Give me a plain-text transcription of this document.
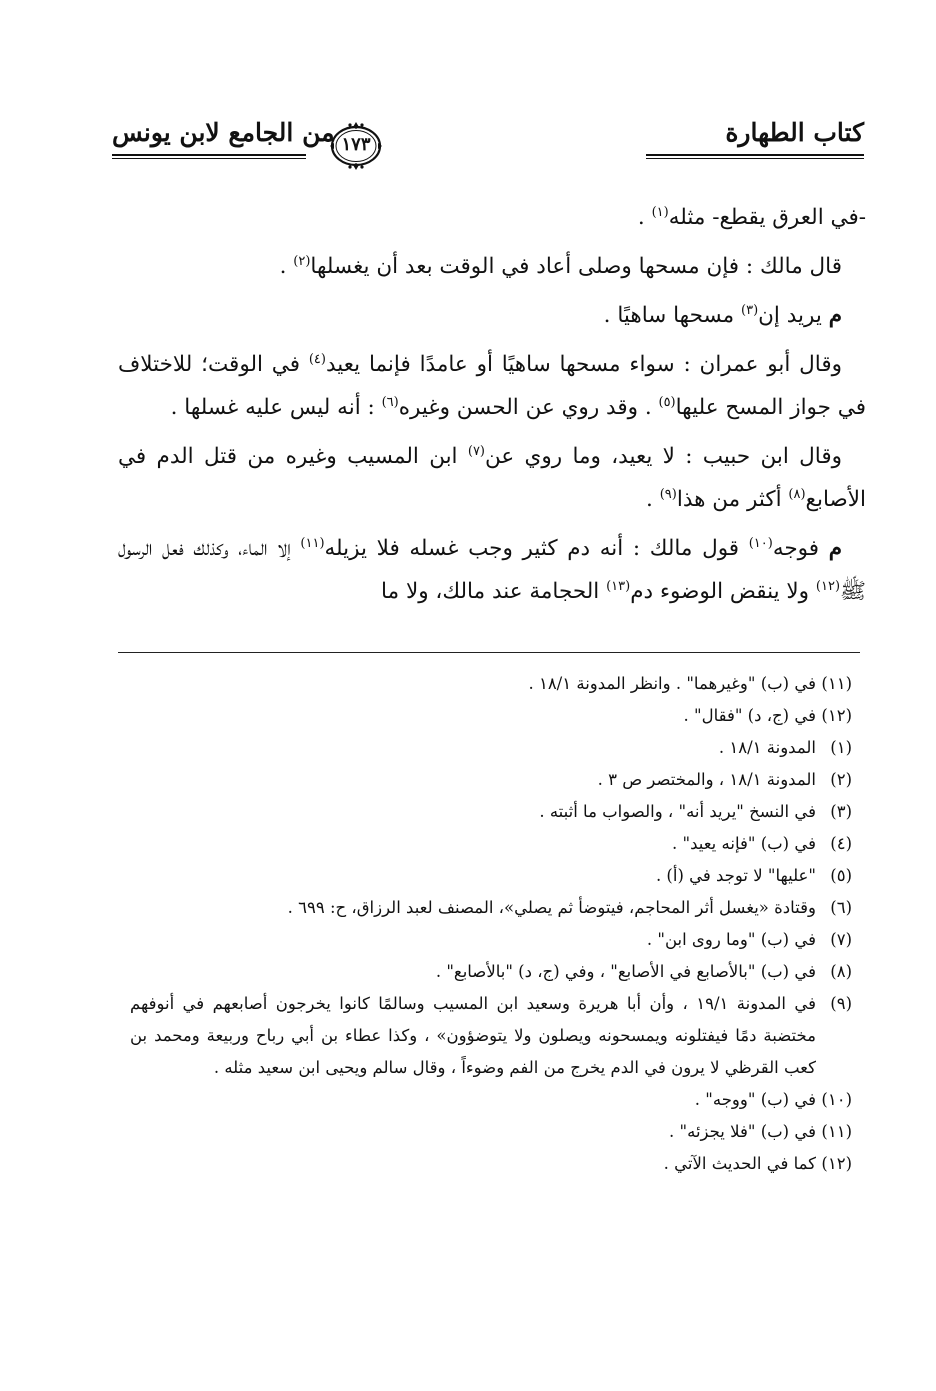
كتاب الطهارة
١٧٣
من الجامع لابن يونس

-في العرق يقطع- مثله$^{(١)}$ .

قال مالك : فإن مسحها وصلى أعاد في الوقت بعد أن يغسلها$^{(٢)}$ .

م يريد إن$^{(٣)}$ مسحها ساهيًا .

وقال أبو عمران : سواء مسحها ساهيًا أو عامدًا فإنما يعيد$^{(٤)}$ في الوقت؛ للاختلاف في جواز المسح عليها$^{(٥)}$ . وقد روي عن الحسن وغيره$^{(٦)}$ : أنه ليس عليه غسلها .

وقال ابن حبيب : لا يعيد، وما روي عن$^{(٧)}$ ابن المسيب وغيره من قتل الدم في الأصابع$^{(٨)}$ أكثر من هذا$^{(٩)}$ .

م فوجه$^{(١٠)}$ قول مالك : أنه دم كثير وجب غسله فلا يزيله$^{(١١)}$ إلا الماء، وكذلك فعل الرسول ﷺ$^{(١٢)}$ ولا ينقض الوضوء دم$^{(١٣)}$ الحجامة عند مالك، ولا ما

(١١)
في (ب) "وغيرهما" . وانظر المدونة ١٨/١ .
(١٢)
في (ج، د) "فقال" .
(١)
المدونة ١٨/١ .
(٢)
المدونة ١٨/١ ، والمختصر ص ٣ .
(٣)
في النسخ "يريد أنه" ، والصواب ما أثبته .
(٤)
في (ب) "فإنه يعيد" .
(٥)
"عليها" لا توجد في (أ) .
(٦)
وقتادة «يغسل أثر المحاجم، فيتوضأ ثم يصلي»، المصنف لعبد الرزاق، ح: ٦٩٩ .
(٧)
في (ب) "وما روى ابن" .
(٨)
في (ب) "بالأصابع في الأصابع" ، وفي (ج، د) "بالأصابع" .
(٩)
في المدونة ١٩/١ ، وأن أبا هريرة وسعيد ابن المسيب وسالمًا كانوا يخرجون أصابعهم في أنوفهم مختضبة دمًا فيفتلونه ويمسحونه ويصلون ولا يتوضؤون» ، وكذا عطاء بن أبي رباح وربيعة ومحمد بن كعب القرظي لا يرون في الدم يخرج من الفم وضوءاً ، وقال سالم ويحيى ابن سعيد مثله .
(١٠)
في (ب) "ووجه" .
(١١)
في (ب) "فلا يجزئه" .
(١٢)
كما في الحديث الآتي .
